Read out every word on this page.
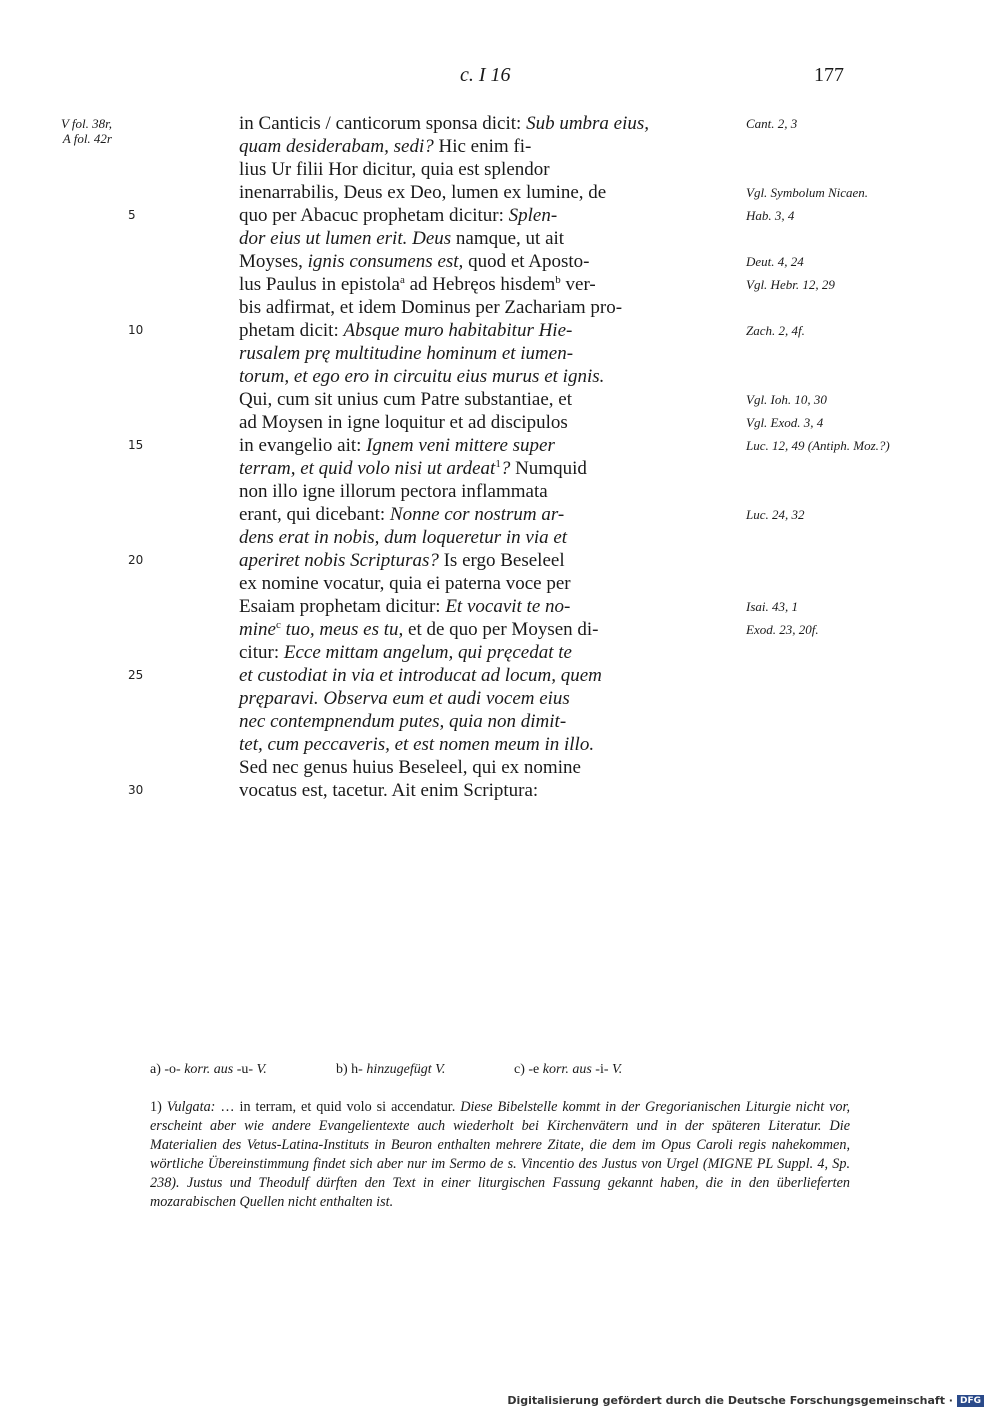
c. I 16	177
V fol. 38r,
A fol. 42r
5
10
15
20
25
30
Cant. 2, 3
Vgl. Symbolum Nicaen.
Hab. 3, 4
Deut. 4, 24
Vgl. Hebr. 12, 29
Zach. 2, 4f.
Vgl. Ioh. 10, 30
Vgl. Exod. 3, 4
Luc. 12, 49 (Antiph. Moz.?)
Luc. 24, 32
Isai. 43, 1
Exod. 23, 20f.
in Canticis / canticorum sponsa dicit: Sub umbra eius,
quam desiderabam, sedi? Hic enim fi-
lius Ur filii Hor dicitur, quia est splendor
inenarrabilis, Deus ex Deo, lumen ex lumine, de
quo per Abacuc prophetam dicitur: Splen-
dor eius ut lumen erit. Deus namque, ut ait
Moyses, ignis consumens est, quod et Aposto-
lus Paulus in epistola$^a$ ad Hebręos hisdem$^b$ ver-
bis adfirmat, et idem Dominus per Zachariam pro-
phetam dicit: Absque muro habitabitur Hie-
rusalem prę multitudine hominum et iumen-
torum, et ego ero in circuitu eius murus et ignis.
Qui, cum sit unius cum Patre substantiae, et
ad Moysen in igne loquitur et ad discipulos
in evangelio ait: Ignem veni mittere super
terram, et quid volo nisi ut ardeat$^1$? Numquid
non illo igne illorum pectora inflammata
erant, qui dicebant: Nonne cor nostrum ar-
dens erat in nobis, dum loqueretur in via et
aperiret nobis Scripturas? Is ergo Beseleel
ex nomine vocatur, quia ei paterna voce per
Esaiam prophetam dicitur: Et vocavit te no-
mine$^c$ tuo, meus es tu, et de quo per Moysen di-
citur: Ecce mittam angelum, qui pręcedat te
et custodiat in via et introducat ad locum, quem
pręparavi. Observa eum et audi vocem eius
nec contempnendum putes, quia non dimit-
tet, cum peccaveris, et est nomen meum in illo.
Sed nec genus huius Beseleel, qui ex nomine
vocatus est, tacetur. Ait enim Scriptura:
a) -o- korr. aus -u- V.	b) h- hinzugefügt V.	c) -e korr. aus -i- V.
1) Vulgata: … in terram, et quid volo si accendatur. Diese Bibelstelle kommt in der Gregorianischen Liturgie nicht vor, erscheint aber wie andere Evangelientexte auch wiederholt bei Kirchenvätern und in der späteren Literatur. Die Materialien des Vetus-Latina-Instituts in Beuron enthalten mehrere Zitate, die dem im Opus Caroli regis nahekommen, wörtliche Übereinstimmung findet sich aber nur im Sermo de s. Vincentio des Justus von Urgel (MIGNE PL Suppl. 4, Sp. 238). Justus und Theodulf dürften den Text in einer liturgischen Fassung gekannt haben, die in den überlieferten mozarabischen Quellen nicht enthalten ist.
Digitalisierung gefördert durch die Deutsche Forschungsgemeinschaft · DFG
